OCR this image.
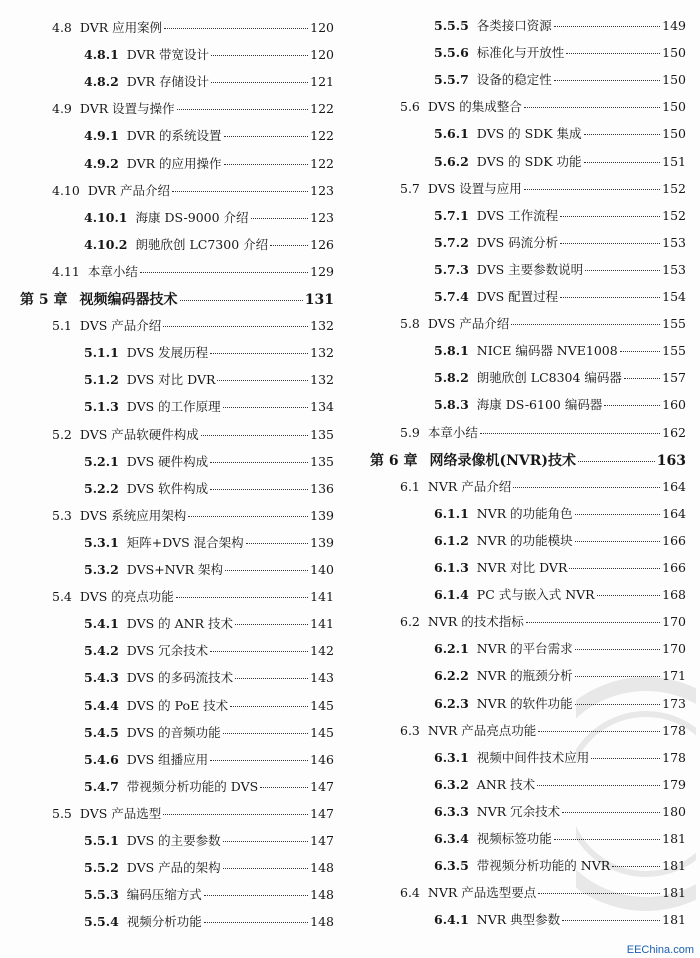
4.8 DVR 应用案例	120
4.8.1 DVR 带宽设计	120
4.8.2 DVR 存储设计	121
4.9 DVR 设置与操作	122
4.9.1 DVR 的系统设置	122
4.9.2 DVR 的应用操作	122
4.10 DVR 产品介绍	123
4.10.1 海康 DS-9000 介绍	123
4.10.2 朗驰欣创 LC7300 介绍	126
4.11 本章小结	129
第 5 章 视频编码器技术	131
5.1 DVS 产品介绍	132
5.1.1 DVS 发展历程	132
5.1.2 DVS 对比 DVR	132
5.1.3 DVS 的工作原理	134
5.2 DVS 产品软硬件构成	135
5.2.1 DVS 硬件构成	135
5.2.2 DVS 软件构成	136
5.3 DVS 系统应用架构	139
5.3.1 矩阵+DVS 混合架构	139
5.3.2 DVS+NVR 架构	140
5.4 DVS 的亮点功能	141
5.4.1 DVS 的 ANR 技术	141
5.4.2 DVS 冗余技术	142
5.4.3 DVS 的多码流技术	143
5.4.4 DVS 的 PoE 技术	145
5.4.5 DVS 的音频功能	145
5.4.6 DVS 组播应用	146
5.4.7 带视频分析功能的 DVS	147
5.5 DVS 产品选型	147
5.5.1 DVS 的主要参数	147
5.5.2 DVS 产品的架构	148
5.5.3 编码压缩方式	148
5.5.4 视频分析功能	148
5.5.5 各类接口资源	149
5.5.6 标准化与开放性	150
5.5.7 设备的稳定性	150
5.6 DVS 的集成整合	150
5.6.1 DVS 的 SDK 集成	150
5.6.2 DVS 的 SDK 功能	151
5.7 DVS 设置与应用	152
5.7.1 DVS 工作流程	152
5.7.2 DVS 码流分析	153
5.7.3 DVS 主要参数说明	153
5.7.4 DVS 配置过程	154
5.8 DVS 产品介绍	155
5.8.1 NICE 编码器 NVE1008	155
5.8.2 朗驰欣创 LC8304 编码器	157
5.8.3 海康 DS-6100 编码器	160
5.9 本章小结	162
第 6 章 网络录像机(NVR)技术	163
6.1 NVR 产品介绍	164
6.1.1 NVR 的功能角色	164
6.1.2 NVR 的功能模块	166
6.1.3 NVR 对比 DVR	166
6.1.4 PC 式与嵌入式 NVR	168
6.2 NVR 的技术指标	170
6.2.1 NVR 的平台需求	170
6.2.2 NVR 的瓶颈分析	171
6.2.3 NVR 的软件功能	173
6.3 NVR 产品亮点功能	178
6.3.1 视频中间件技术应用	178
6.3.2 ANR 技术	179
6.3.3 NVR 冗余技术	180
6.3.4 视频标签功能	181
6.3.5 带视频分析功能的 NVR	181
6.4 NVR 产品选型要点	181
6.4.1 NVR 典型参数	181
EEChina.com
